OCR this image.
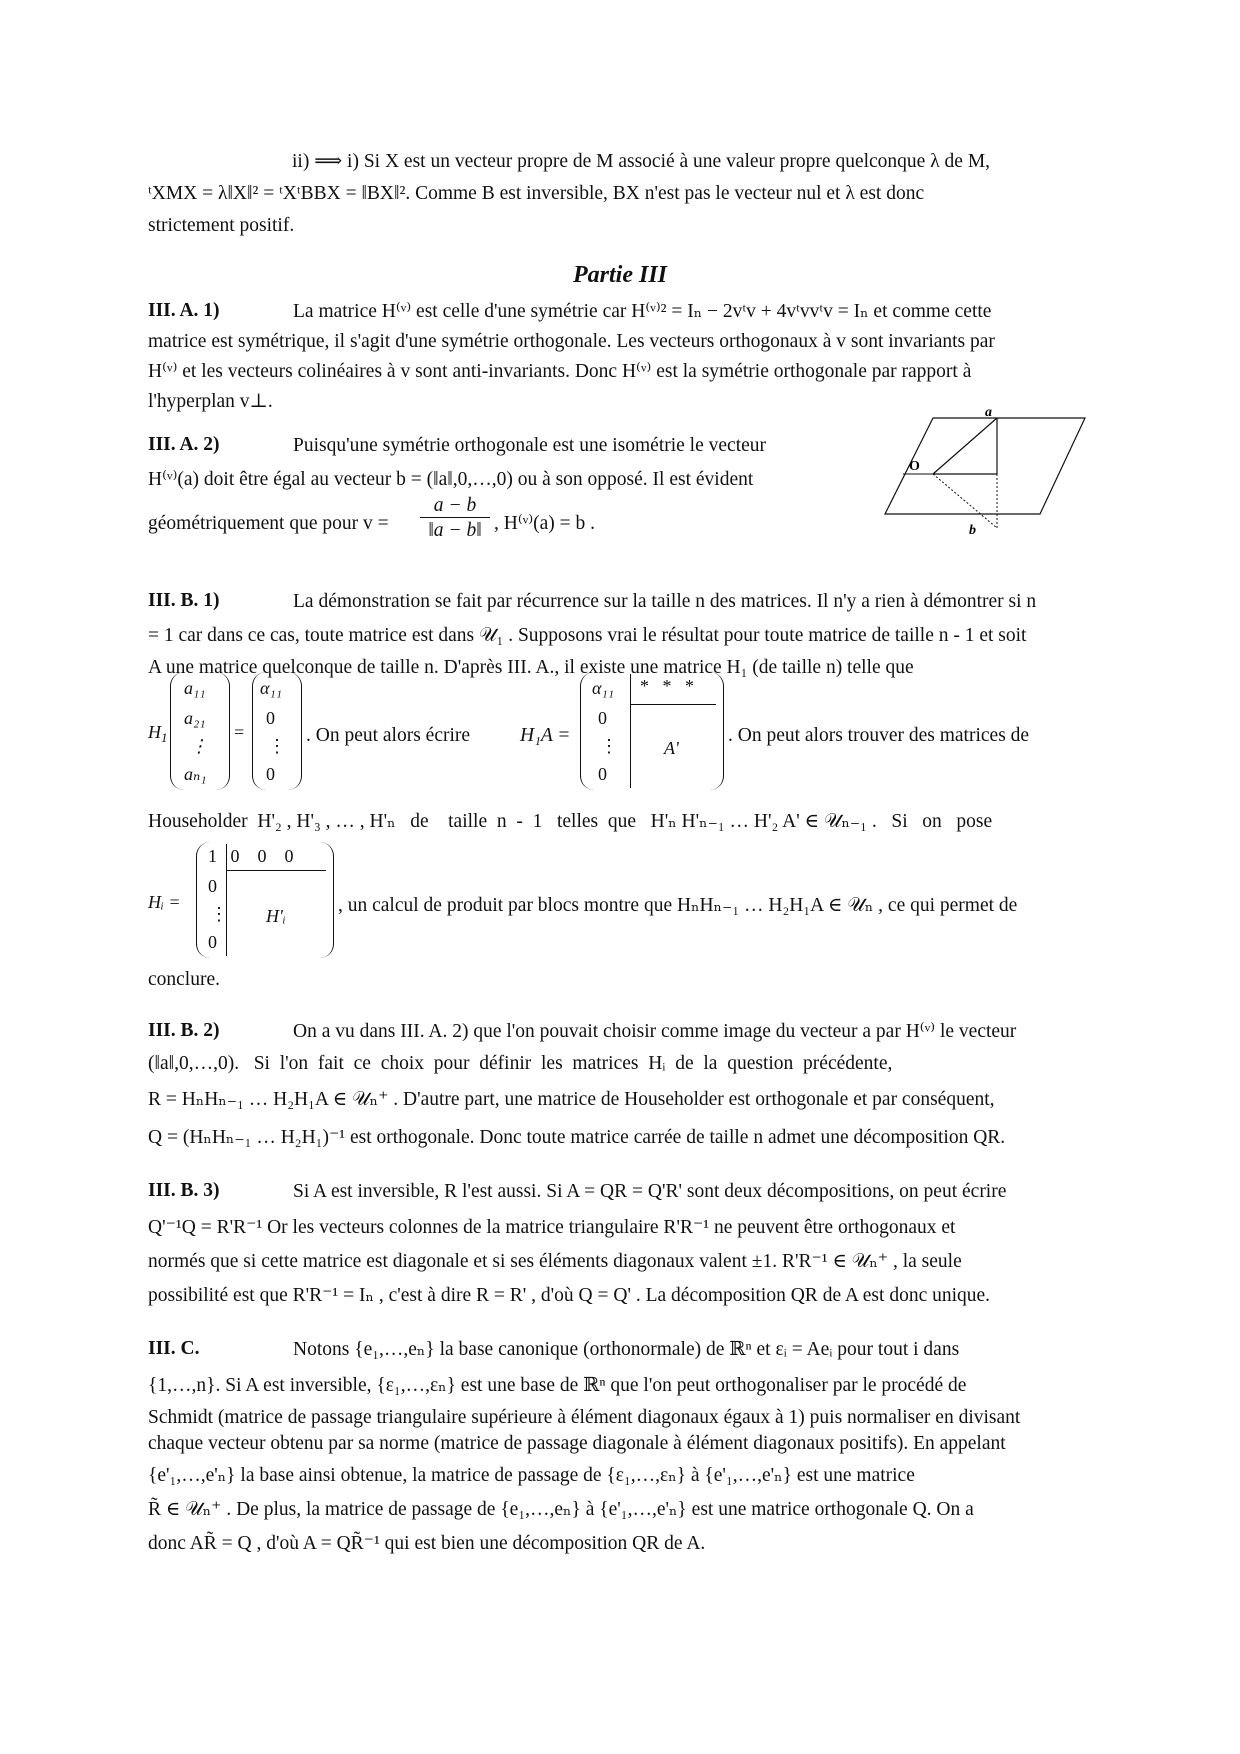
ii) ⟹ i) Si X est un vecteur propre de M associé à une valeur propre quelconque λ de M,
ᵗXMX = λ‖X‖² = ᵗXᵗBBX = ‖BX‖². Comme B est inversible, BX n'est pas le vecteur nul et λ est donc
strictement positif.
Partie III
III. A. 1)	La matrice H⁽ᵛ⁾ est celle d'une symétrie car H⁽ᵛ⁾² = Iₙ − 2vᵗv + 4vᵗvvᵗv = Iₙ et comme cette
matrice est symétrique, il s'agit d'une symétrie orthogonale. Les vecteurs orthogonaux à v sont invariants par
H⁽ᵛ⁾ et les vecteurs colinéaires à v sont anti-invariants. Donc H⁽ᵛ⁾ est la symétrie orthogonale par rapport à
l'hyperplan v⊥.
III. A. 2)	Puisqu'une symétrie orthogonale est une isométrie le vecteur
H⁽ᵛ⁾(a) doit être égal au vecteur b = (‖a‖,0,…,0) ou à son opposé. Il est évident
géométriquement que pour v =
a − b
‖a − b‖ , H⁽ᵛ⁾(a) = b .
a
O
b
III. B. 1)	La démonstration se fait par récurrence sur la taille n des matrices. Il n'y a rien à démontrer si n
= 1 car dans ce cas, toute matrice est dans 𝒰₁ . Supposons vrai le résultat pour toute matrice de taille n - 1 et soit
A une matrice quelconque de taille n. D'après III. A., il existe une matrice H₁ (de taille n) telle que
$H_1$
a₁₁
a₂₁
⋮
aₙ₁
=
α₁₁
0
⋮
0
. On peut alors écrire	H₁A =
α₁₁
0
⋮
0
*   *   *
A'
. On peut alors trouver des matrices de
Householder  H'₂ , H'₃ , … , H'ₙ   de    taille  n  -  1   telles  que   H'ₙ H'ₙ₋₁ … H'₂ A' ∈ 𝒰ₙ₋₁ .   Si   on   pose
Hᵢ =
1   0    0    0
0
⋮
0
H'ᵢ	, un calcul de produit par blocs montre que HₙHₙ₋₁ … H₂H₁A ∈ 𝒰ₙ , ce qui permet de
conclure.
III. B. 2)	On a vu dans III. A. 2) que l'on pouvait choisir comme image du vecteur a par H⁽ᵛ⁾ le vecteur
(‖a‖,0,…,0).   Si  l'on  fait  ce  choix  pour  définir  les  matrices  Hᵢ  de  la  question  précédente,
R = HₙHₙ₋₁ … H₂H₁A ∈ 𝒰ₙ⁺ . D'autre part, une matrice de Householder est orthogonale et par conséquent,
Q = (HₙHₙ₋₁ … H₂H₁)⁻¹ est orthogonale. Donc toute matrice carrée de taille n admet une décomposition QR.
III. B. 3)	Si A est inversible, R l'est aussi. Si A = QR = Q'R' sont deux décompositions, on peut écrire
Q'⁻¹Q = R'R⁻¹ Or les vecteurs colonnes de la matrice triangulaire R'R⁻¹ ne peuvent être orthogonaux et
normés que si cette matrice est diagonale et si ses éléments diagonaux valent ±1. R'R⁻¹ ∈ 𝒰ₙ⁺ , la seule
possibilité est que R'R⁻¹ = Iₙ , c'est à dire R = R' , d'où Q = Q' . La décomposition QR de A est donc unique.
III. C.	Notons {e₁,…,eₙ} la base canonique (orthonormale) de ℝⁿ et εᵢ = Aeᵢ pour tout i dans
{1,…,n}. Si A est inversible, {ε₁,…,εₙ} est une base de ℝⁿ que l'on peut orthogonaliser par le procédé de
Schmidt (matrice de passage triangulaire supérieure à élément diagonaux égaux à 1) puis normaliser en divisant
chaque vecteur obtenu par sa norme (matrice de passage diagonale à élément diagonaux positifs). En appelant
{e'₁,…,e'ₙ} la base ainsi obtenue, la matrice de passage de {ε₁,…,εₙ} à {e'₁,…,e'ₙ} est une matrice
R̃ ∈ 𝒰ₙ⁺ . De plus, la matrice de passage de {e₁,…,eₙ} à {e'₁,…,e'ₙ} est une matrice orthogonale Q. On a
donc AR̃ = Q , d'où A = QR̃⁻¹ qui est bien une décomposition QR de A.
